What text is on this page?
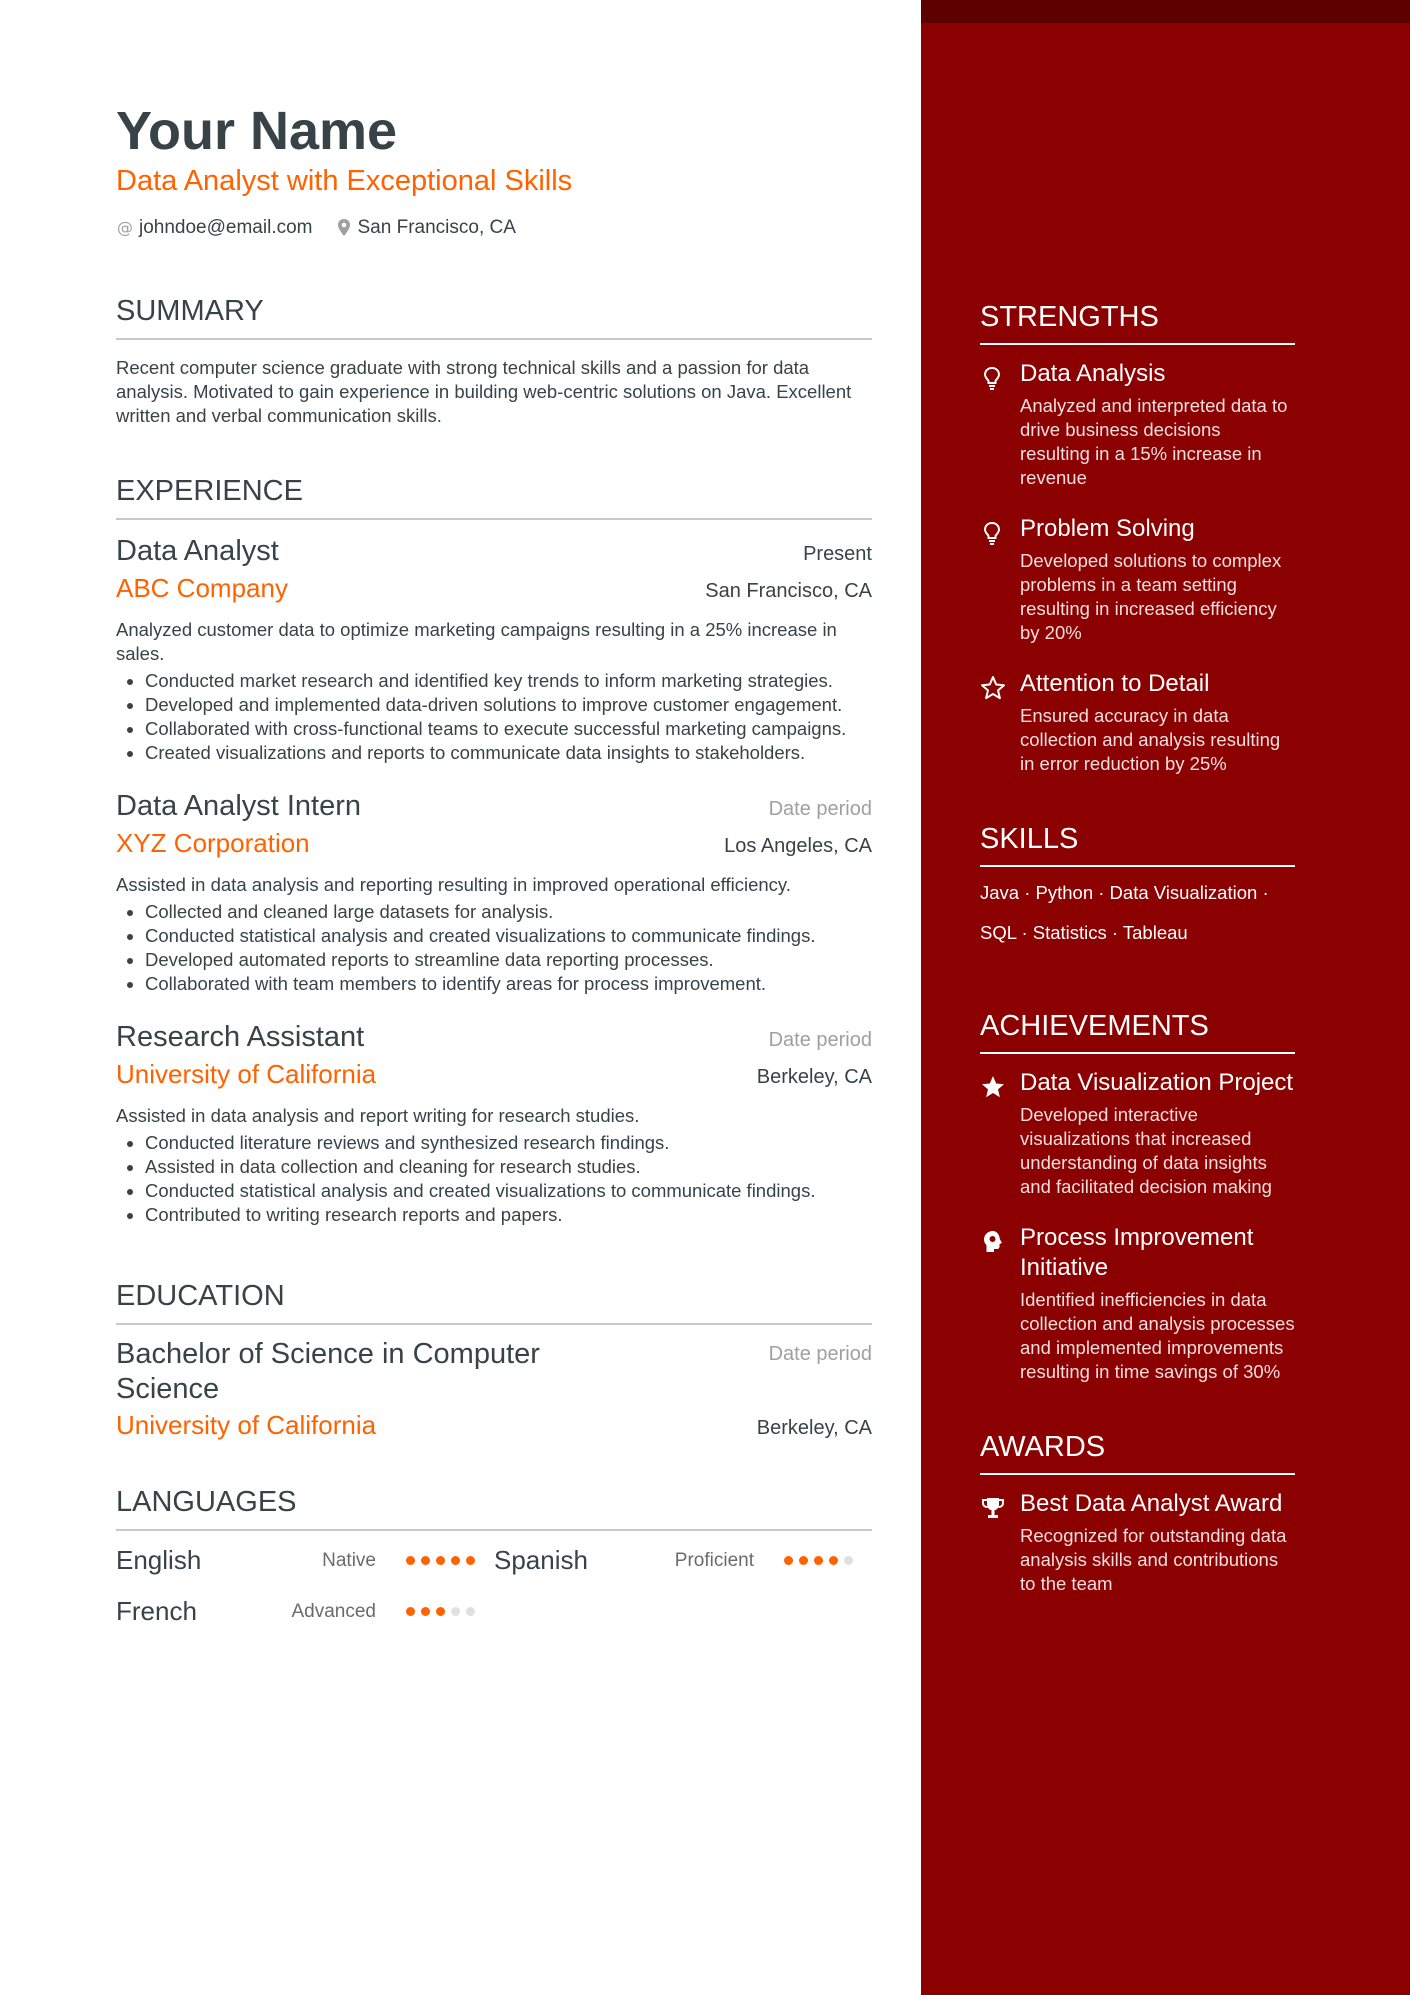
Your Name
Data Analyst with Exceptional Skills
@ johndoe@email.com San Francisco, CA
SUMMARY
Recent computer science graduate with strong technical skills and a passion for data analysis. Motivated to gain experience in building web-centric solutions on Java. Excellent written and verbal communication skills.
EXPERIENCE
Data Analyst	Present
ABC Company	San Francisco, CA
Analyzed customer data to optimize marketing campaigns resulting in a 25% increase in sales.
• Conducted market research and identified key trends to inform marketing strategies.
• Developed and implemented data-driven solutions to improve customer engagement.
• Collaborated with cross-functional teams to execute successful marketing campaigns.
• Created visualizations and reports to communicate data insights to stakeholders.
Data Analyst Intern	Date period
XYZ Corporation	Los Angeles, CA
Assisted in data analysis and reporting resulting in improved operational efficiency.
• Collected and cleaned large datasets for analysis.
• Conducted statistical analysis and created visualizations to communicate findings.
• Developed automated reports to streamline data reporting processes.
• Collaborated with team members to identify areas for process improvement.
Research Assistant	Date period
University of California	Berkeley, CA
Assisted in data analysis and report writing for research studies.
• Conducted literature reviews and synthesized research findings.
• Assisted in data collection and cleaning for research studies.
• Conducted statistical analysis and created visualizations to communicate findings.
• Contributed to writing research reports and papers.
EDUCATION
Bachelor of Science in Computer Science
Date period
University of California	Berkeley, CA
LANGUAGES
English	Native	Spanish	Proficient
French	Advanced
STRENGTHS
Data Analysis
Analyzed and interpreted data to drive business decisions resulting in a 15% increase in revenue
Problem Solving
Developed solutions to complex problems in a team setting resulting in increased efficiency by 20%
Attention to Detail
Ensured accuracy in data collection and analysis resulting in error reduction by 25%
SKILLS
Java · Python · Data Visualization ·
SQL · Statistics · Tableau
ACHIEVEMENTS
Data Visualization Project
Developed interactive visualizations that increased understanding of data insights and facilitated decision making
Process Improvement Initiative
Identified inefficiencies in data collection and analysis processes and implemented improvements resulting in time savings of 30%
AWARDS
Best Data Analyst Award
Recognized for outstanding data analysis skills and contributions to the team
